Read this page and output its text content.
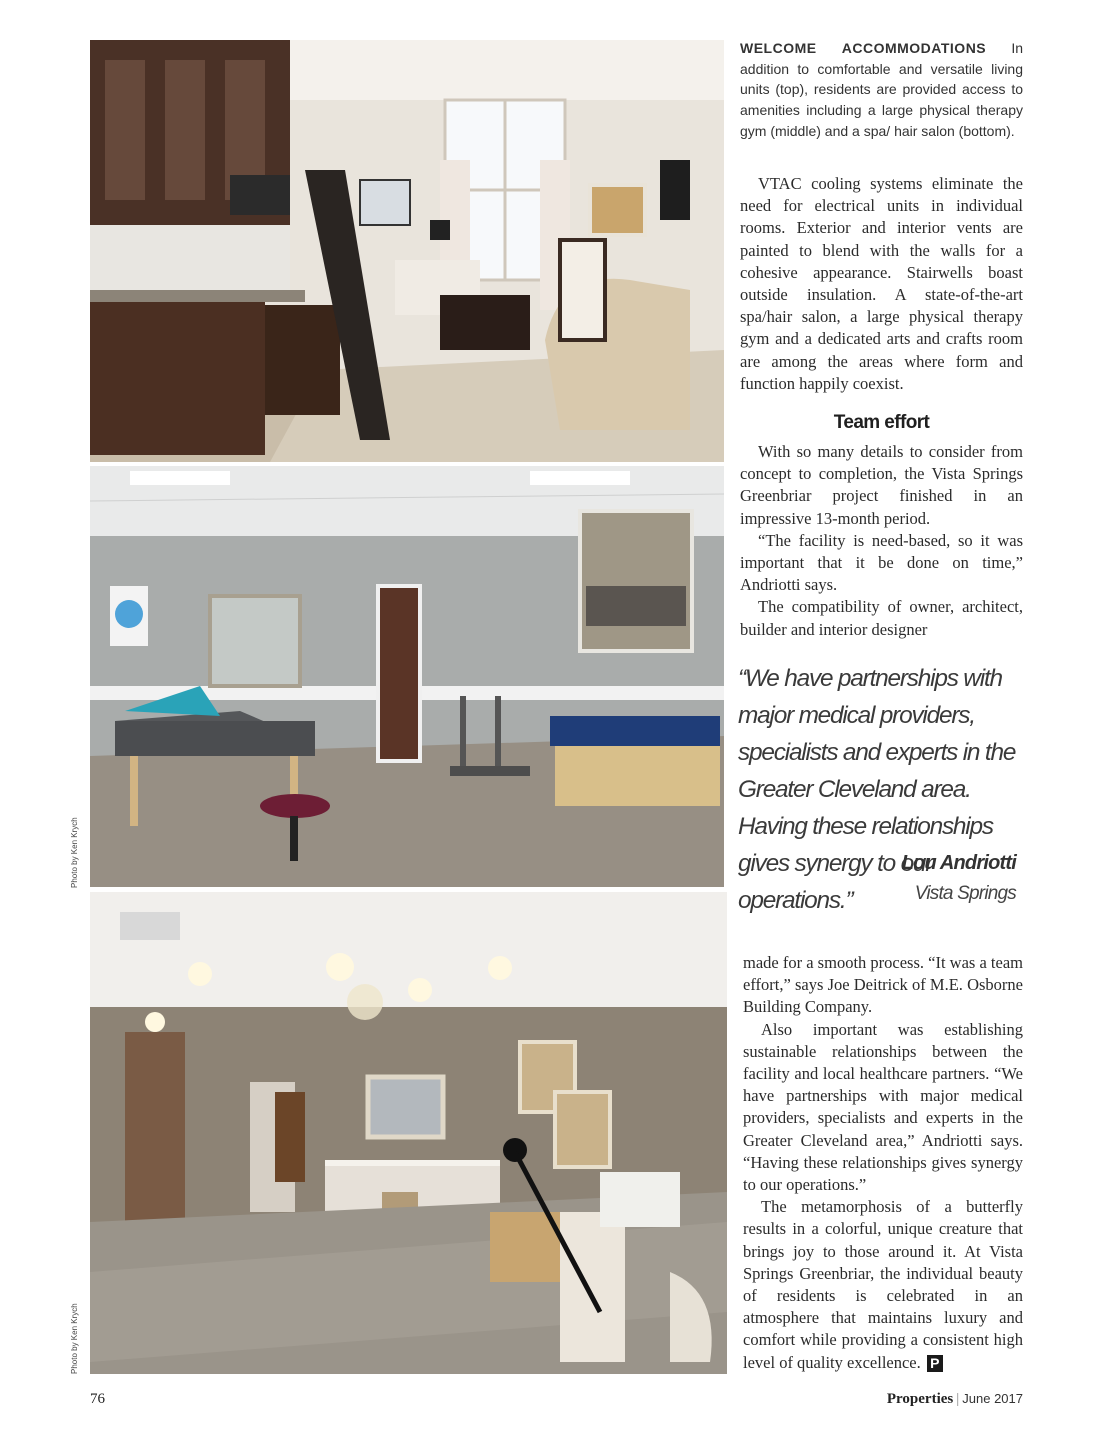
Photo by Ken Krych
Photo by Ken Krych
WELCOME ACCOMMODATIONS In addition to comfortable and versatile living units (top), residents are provided access to amenities including a large physical therapy gym (middle) and a spa/ hair salon (bottom).

VTAC cooling systems eliminate the need for electrical units in individual rooms. Exterior and interior vents are painted to blend with the walls for a cohesive appearance. Stairwells boast outside insulation. A state-of-the-art spa/hair salon, a large physical therapy gym and a dedicated arts and crafts room are among the areas where form and function happily coexist.

Team effort

With so many details to consider from concept to completion, the Vista Springs Greenbriar project finished in an impressive 13-month period.

“The facility is need-based, so it was important that it be done on time,” Andriotti says.

The compatibility of owner, architect, builder and interior designer

“We have partnerships with major medical providers, specialists and experts in the Greater Cleveland area. Having these relationships gives synergy to our operations.”
Lou Andriotti
Vista Springs

made for a smooth process. “It was a team effort,” says Joe Deitrick of M.E. Osborne Building Company.

Also important was establishing sustainable relationships between the facility and local healthcare partners. “We have partnerships with major medical providers, specialists and experts in the Greater Cleveland area,” Andriotti says. “Having these relationships gives synergy to our operations.”

The metamorphosis of a butterfly results in a colorful, unique creature that brings joy to those around it. At Vista Springs Greenbriar, the individual beauty of residents is celebrated in an atmosphere that maintains luxury and comfort while providing a consistent high level of quality excellence. P

76	Properties | June 2017
